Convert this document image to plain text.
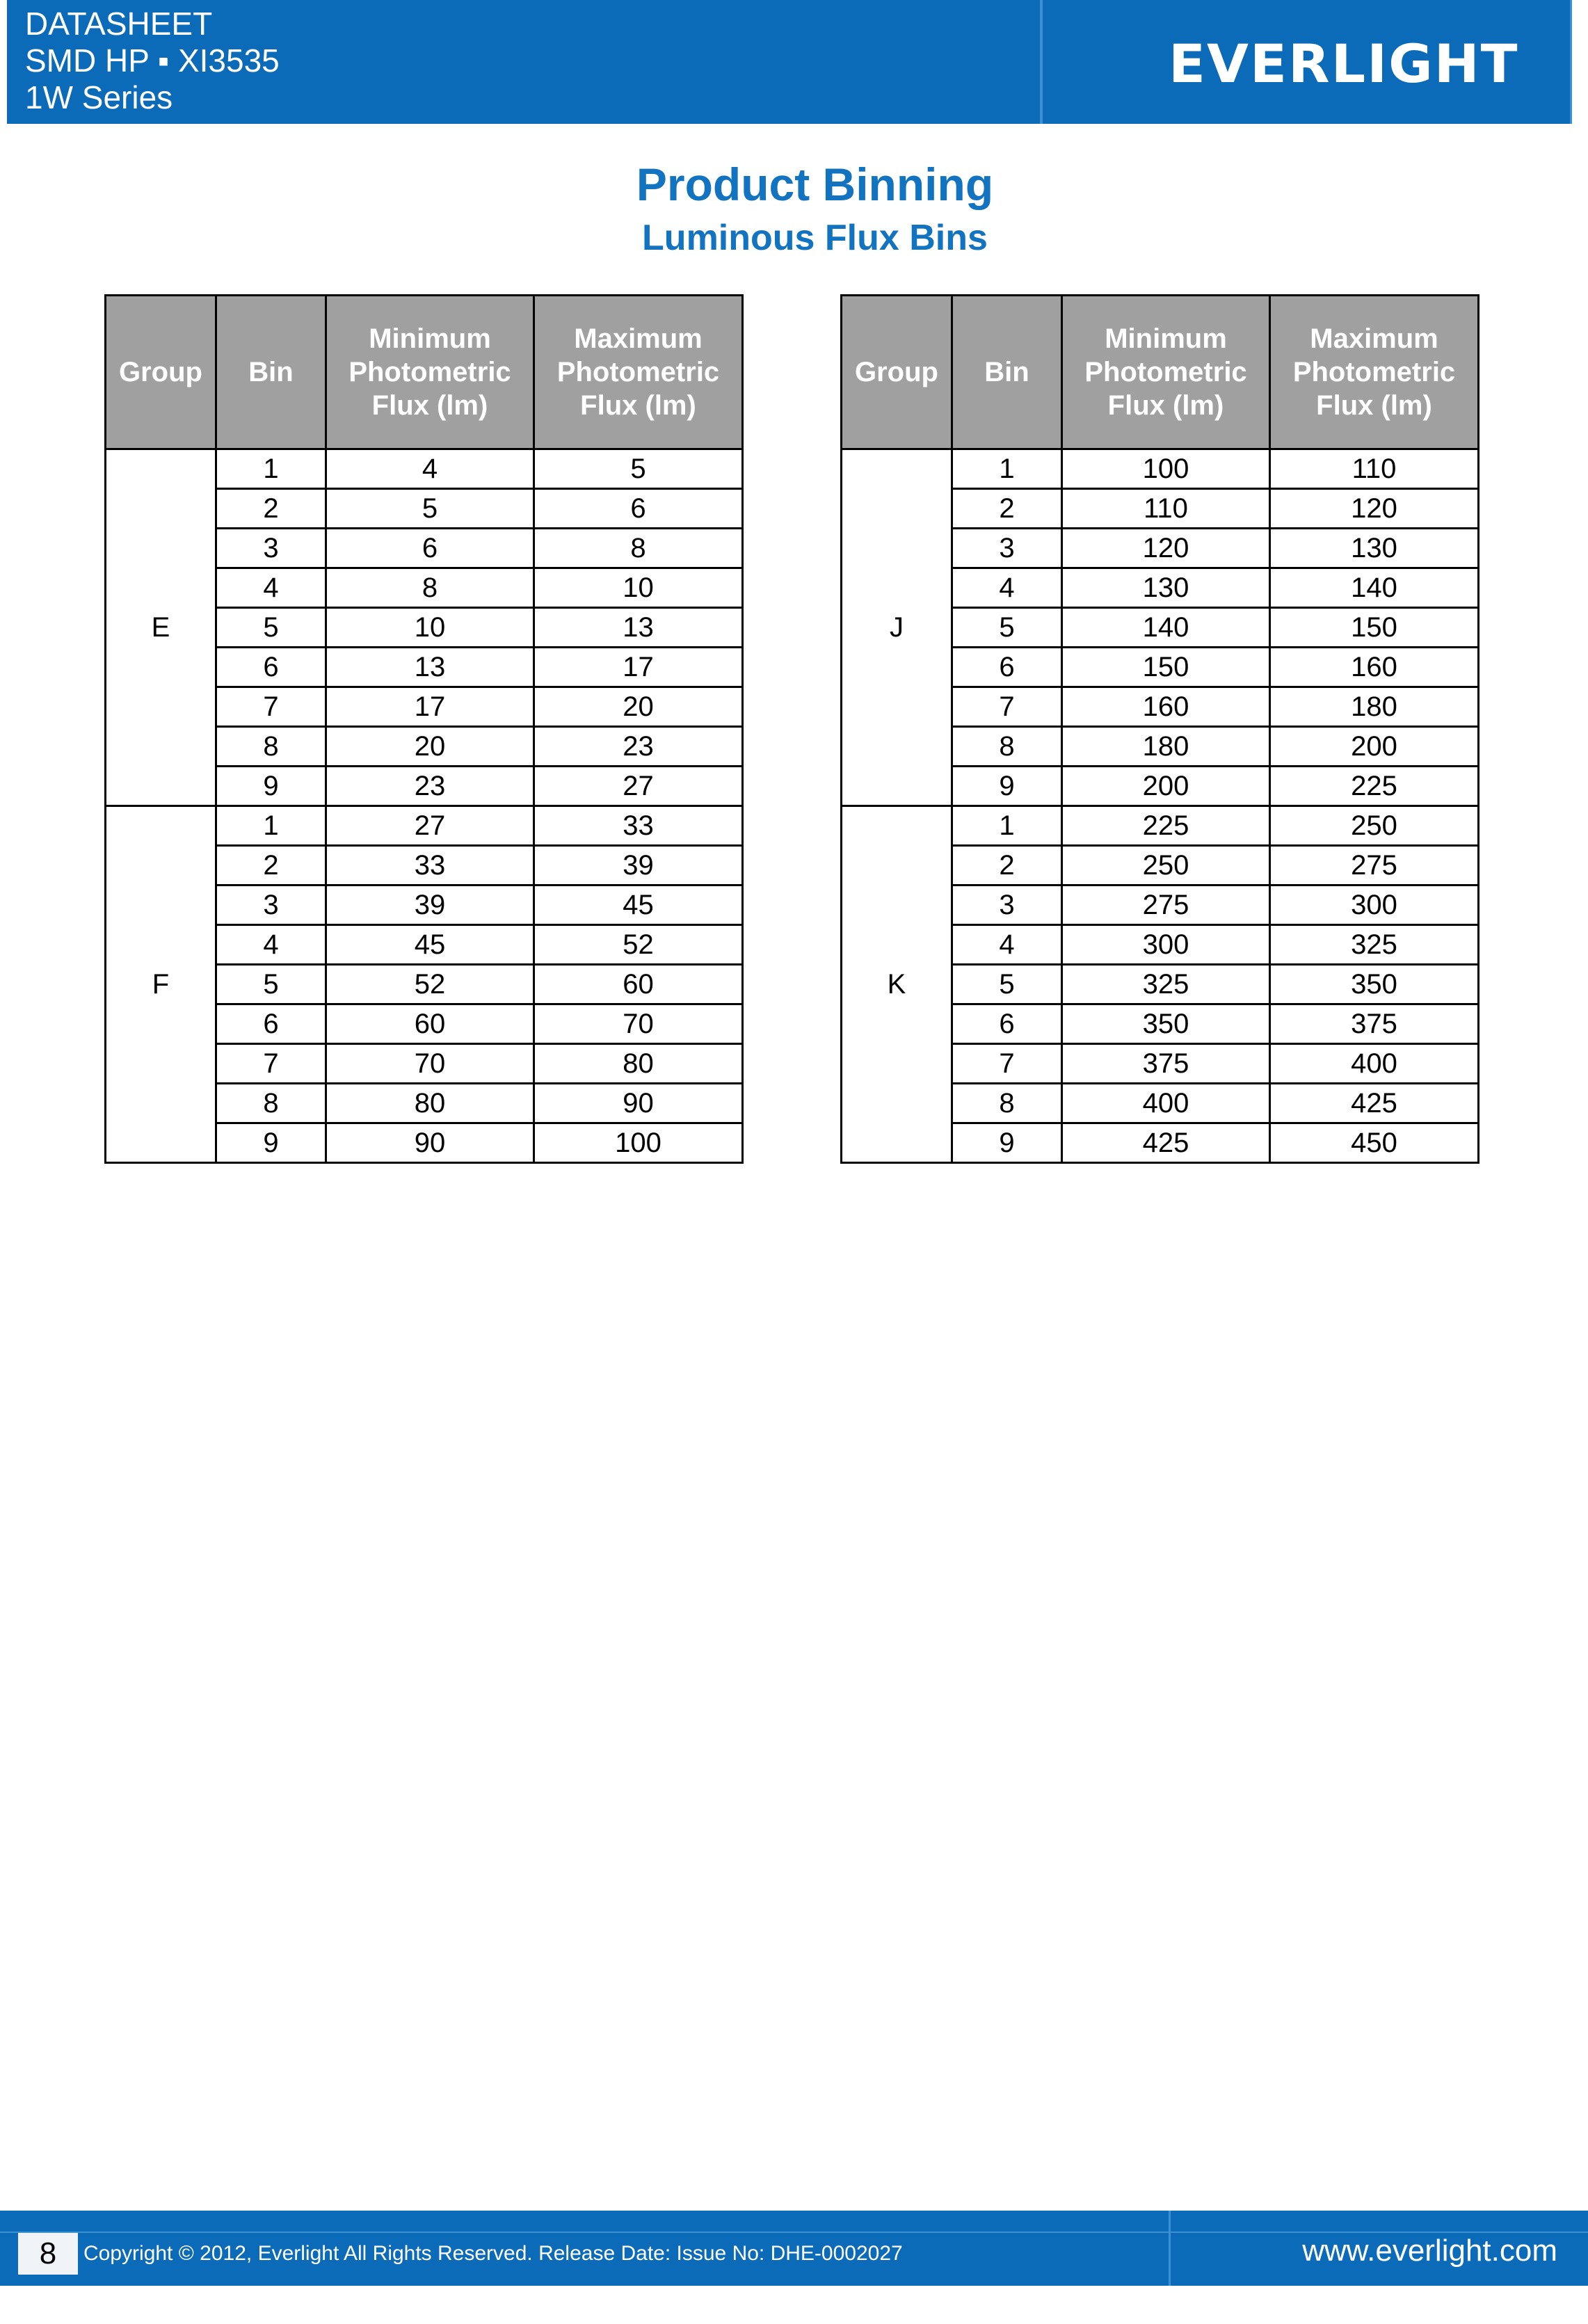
DATASHEET
SMD HP ▪ XI3535
1W Series
EVERLIGHT
Product Binning
Luminous Flux Bins
Group	Bin	Minimum Photometric Flux (lm)	Maximum Photometric Flux (lm)
E	1	4	5
	2	5	6
	3	6	8
	4	8	10
	5	10	13
	6	13	17
	7	17	20
	8	20	23
	9	23	27
F	1	27	33
	2	33	39
	3	39	45
	4	45	52
	5	52	60
	6	60	70
	7	70	80
	8	80	90
	9	90	100
Group	Bin	Minimum Photometric Flux (lm)	Maximum Photometric Flux (lm)
J	1	100	110
	2	110	120
	3	120	130
	4	130	140
	5	140	150
	6	150	160
	7	160	180
	8	180	200
	9	200	225
K	1	225	250
	2	250	275
	3	275	300
	4	300	325
	5	325	350
	6	350	375
	7	375	400
	8	400	425
	9	425	450
8	Copyright © 2012, Everlight All Rights Reserved. Release Date: Issue No: DHE-0002027	www.everlight.com
